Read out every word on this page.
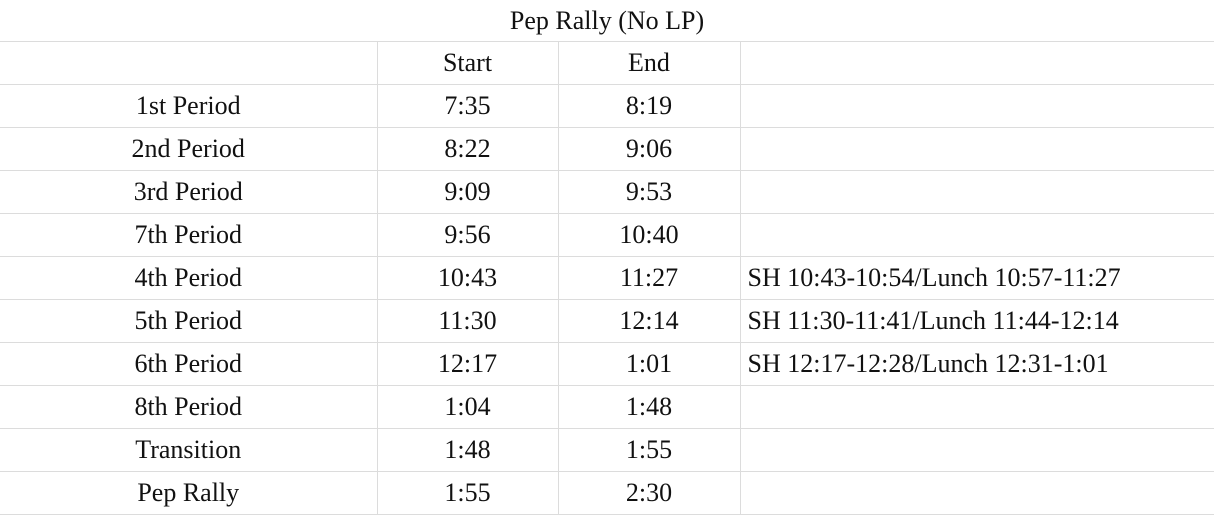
Pep Rally (No LP)
	Start	End	
1st Period	7:35	8:19	
2nd Period	8:22	9:06	
3rd Period	9:09	9:53	
7th Period	9:56	10:40	
4th Period	10:43	11:27	SH 10:43-10:54/Lunch 10:57-11:27
5th Period	11:30	12:14	SH 11:30-11:41/Lunch 11:44-12:14
6th Period	12:17	1:01	SH 12:17-12:28/Lunch 12:31-1:01
8th Period	1:04	1:48	
Transition	1:48	1:55	
Pep Rally	1:55	2:30	
